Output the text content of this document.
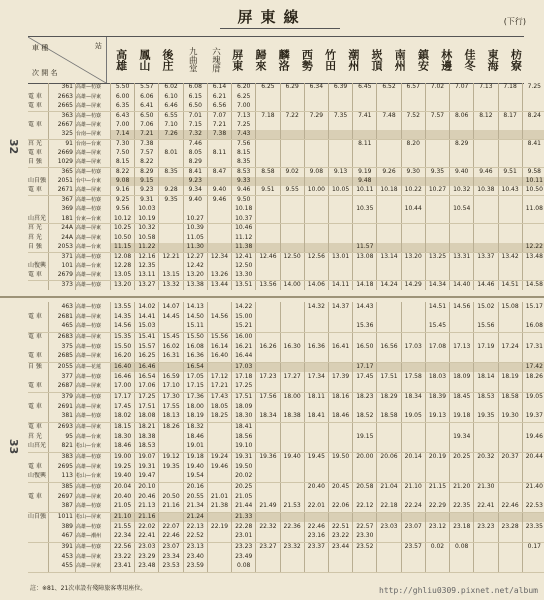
屏東線	(下行)
32
33
車 種	站
次 開 名
高雄 鳳山 後庄	九曲堂	六塊厝 屏東 歸來 麟洛 西勢 竹田 潮州 崁頂 南州 鎮安 林邊 佳冬 東海 枋寮
	361	高雄—枋寮	5.50	5.57	6.02	6.08	6.14	6.20	6.25	6.29	6.34	6.39	6.45	6.52	6.57	7.02	7.07	7.13	7.18	7.25
電 車	2663	高雄—屏東	6.00	6.06	6.10	6.15	6.21	6.25												
電 車	2665	高雄—屏東	6.35	6.41	6.46	6.50	6.56	7.00												
	363	高雄—枋寮	6.43	6.50	6.55	7.01	7.07	7.13	7.18	7.22	7.29	7.35	7.41	7.48	7.52	7.57	8.06	8.12	8.17	8.24
電 車	2667	高雄—屏東	7.00	7.06	7.10	7.15	7.21	7.25												
	325	台南—屏東	7.14	7.21	7.26	7.32	7.38	7.43												
莒 光	91	台南—台東	7.30	7.38		7.46		7.56					8.11		8.20		8.29			8.41
電 車	2669	高雄—屏東	7.50	7.57	8.01	8.05	8.11	8.15												
自 強	1029	高雄—屏東	8.15	8.22		8.29		8.35												
	365	高雄—枋寮	8.22	8.29	8.35	8.41	8.47	8.53	8.58	9.02	9.08	9.13	9.19	9.26	9.30	9.35	9.40	9.46	9.51	9.58
山自強	2051	台中—台東	9.08	9.15		9.23		9.33					9.48							10.11
電 車	2671	高雄—屏東	9.16	9.23	9.28	9.34	9.40	9.46	9.51	9.55	10.00	10.05	10.11	10.18	10.22	10.27	10.32	10.38	10.43	10.50
	367	高雄—枋寮	9.25	9.31	9.35	9.40	9.46	9.50												
	369	高雄—枋寮	9.56	10.03				10.18					10.35		10.44		10.54			11.08
山莒光	181	台東—台東	10.12	10.19		10.27		10.37												
莒 光	24A	高雄—屏東	10.25	10.32		10.39		10.46												
莒 光	24A	高雄—屏東	10.50	10.58		11.05		11.12												
自 強	2053	高雄—台東	11.15	11.22		11.30		11.38					11.57							12.22
	371	高雄—枋寮	12.08	12.16	12.21	12.27	12.34	12.41	12.46	12.50	12.56	13.01	13.08	13.14	13.20	13.25	13.31	13.37	13.42	13.48
山復興	101	高雄—台東	12.28	12.35		12.42		12.50												
電 車	2679	高雄—屏東	13.05	13.11	13.15	13.20	13.26	13.30												
	373	高雄—枋寮	13.20	13.27	13.32	13.38	13.44	13.51	13.56	14.00	14.06	14.11	14.18	14.24	14.29	14.34	14.40	14.46	14.51	14.58
	463	高雄—枋寮	13.55	14.02	14.07	14.13		14.22			14.32	14.37	14.43			14.51	14.56	15.02	15.08	15.17
電 車	2681	高雄—屏東	14.35	14.41	14.45	14.50	14.56	15.00												
	465	高雄—枋寮	14.56	15.03		15.11		15.21					15.36			15.45		15.56		16.08
電 車	2683	高雄—屏東	15.35	15.41	15.45	15.50	15.56	16.00												
	375	高雄—枋寮	15.50	15.57	16.02	16.08	16.14	16.21	16.26	16.30	16.36	16.41	16.50	16.56	17.03	17.08	17.13	17.19	17.24	17.31
電 車	2685	高雄—屏東	16.20	16.25	16.31	16.36	16.40	16.44												
自 強	2055	高雄—花蓮	16.40	16.46		16.54		17.03					17.17							17.42
	377	高雄—枋寮	16.46	16.54	16.59	17.05	17.12	17.18	17.23	17.27	17.34	17.39	17.45	17.51	17.58	18.03	18.09	18.14	18.19	18.26
電 車	2687	高雄—屏東	17.00	17.06	17.10	17.15	17.21	17.25												
	379	高雄—枋寮	17.17	17.25	17.30	17.36	17.43	17.51	17.56	18.00	18.11	18.16	18.23	18.29	18.34	18.39	18.45	18.53	18.58	19.05
電 車	2691	高雄—屏東	17.45	17.51	17.55	18.00	18.05	18.09												
	381	高雄—枋寮	18.02	18.08	18.13	18.19	18.25	18.30	18.34	18.38	18.41	18.46	18.52	18.58	19.05	19.13	19.18	19.35	19.30	19.37
電 車	2693	高雄—屏東	18.15	18.21	18.26	18.32		18.41												
莒 光	95	高雄—台東	18.30	18.38		18.46		18.56					19.15				19.34			19.46
山莒光	821	松山—台東	18.46	18.53		19.01		19.10												
	383	高雄—枋寮	19.00	19.07	19.12	19.18	19.24	19.31	19.36	19.40	19.45	19.50	20.00	20.06	20.14	20.19	20.25	20.32	20.37	20.44
電 車	2695	高雄—屏東	19.25	19.31	19.35	19.40	19.46	19.50												
山復興	113	松山—台東	19.40	19.47		19.54		20.02												
	385	高雄—枋寮	20.04	20.10		20.16		20.25			20.40	20.45	20.58	21.04	21.10	21.15	21.20	21.30		21.40
電 車	2697	高雄—屏東	20.40	20.46	20.50	20.55	21.01	21.05												
	387	高雄—枋寮	21.05	21.13	21.16	21.34	21.38	21.44	21.49	21.53	22.01	22.06	22.12	22.18	22.24	22.29	22.35	22.41	22.46	22.53
山自強	1011	松山—屏東	21.10	21.16		21.24		21.33												
	389	高雄—枋寮	21.55	22.02	22.07	22.13	22.19	22.28	22.32	22.36	22.46	22.51	22.57	23.03	23.07	23.12	23.18	23.23	23.28	23.35
	467	高雄—潮州	22.34	22.41	22.46	22.52		23.01			23.16	23.22	23.30							
	391	高雄—枋寮	22.56	23.03	23.07	23.13		23.23	23.27	23.32	23.37	23.44	23.52		23.57	0.02	0.08			0.17
	453	高雄—屏東	23.22	23.29	23.34	23.40		23.49												
	455	高雄—屏東	23.41	23.48	23.53	23.59		0.08												
註：※81、21次車設有殘障旅客專用座位。	http://ghliu0309.pixnet.net/album
